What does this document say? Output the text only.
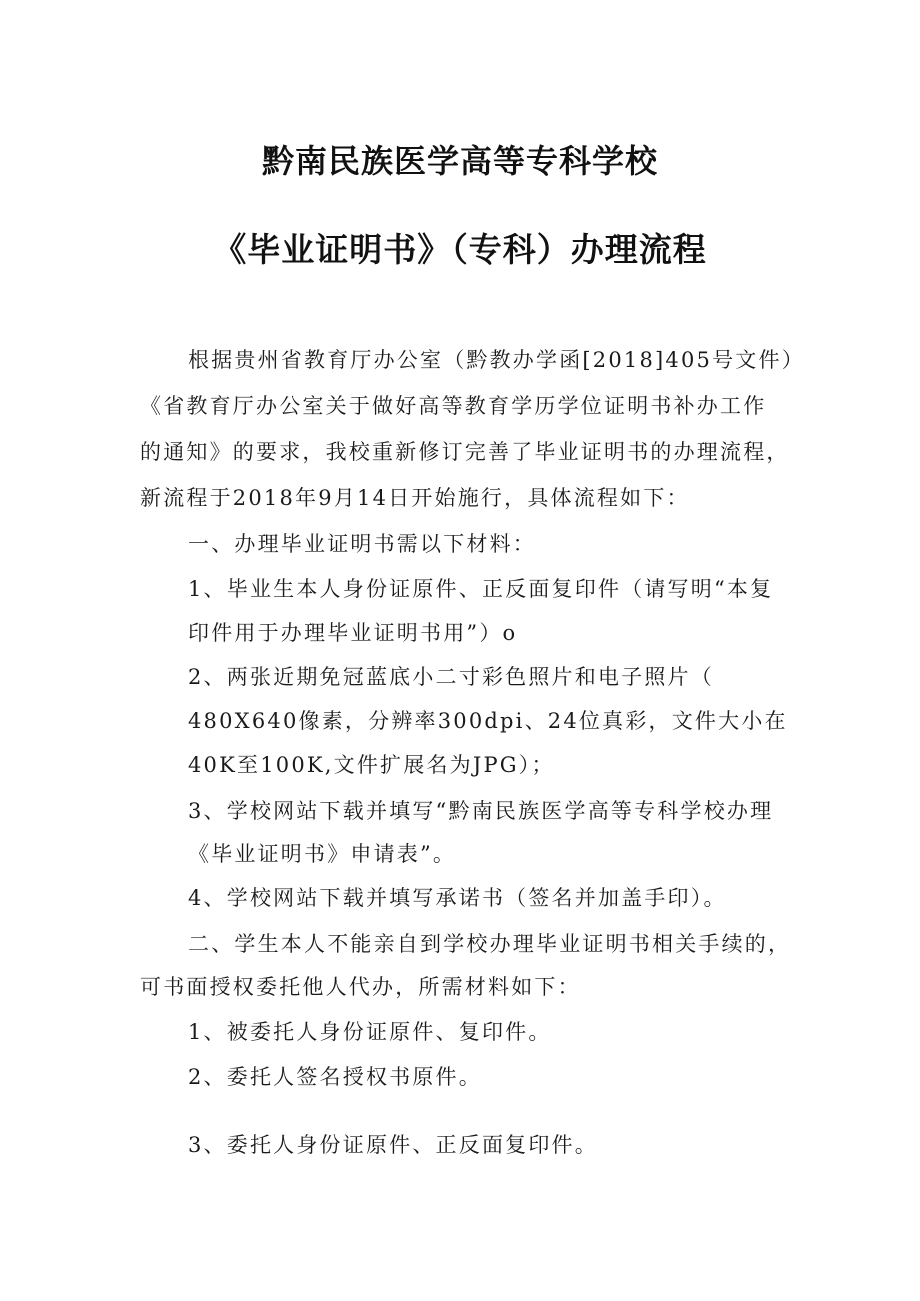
黔南民族医学高等专科学校
《毕业证明书》（专科）办理流程
根据贵州省教育厅办公室（黔教办学函[2018]405号文件）
《省教育厅办公室关于做好高等教育学历学位证明书补办工作
的通知》的要求，我校重新修订完善了毕业证明书的办理流程，
新流程于2018年9月14日开始施行，具体流程如下：
一、办理毕业证明书需以下材料：
1、毕业生本人身份证原件、正反面复印件（请写明“本复
印件用于办理毕业证明书用”）o
2、两张近期免冠蓝底小二寸彩色照片和电子照片（
480X640像素，分辨率300dpi、24位真彩，文件大小在
40K至100K,文件扩展名为JPG）；
3、学校网站下载并填写“黔南民族医学高等专科学校办理
《毕业证明书》申请表”。
4、学校网站下载并填写承诺书（签名并加盖手印）。
二、学生本人不能亲自到学校办理毕业证明书相关手续的，
可书面授权委托他人代办，所需材料如下：
1、被委托人身份证原件、复印件。
2、委托人签名授权书原件。
3、委托人身份证原件、正反面复印件。
